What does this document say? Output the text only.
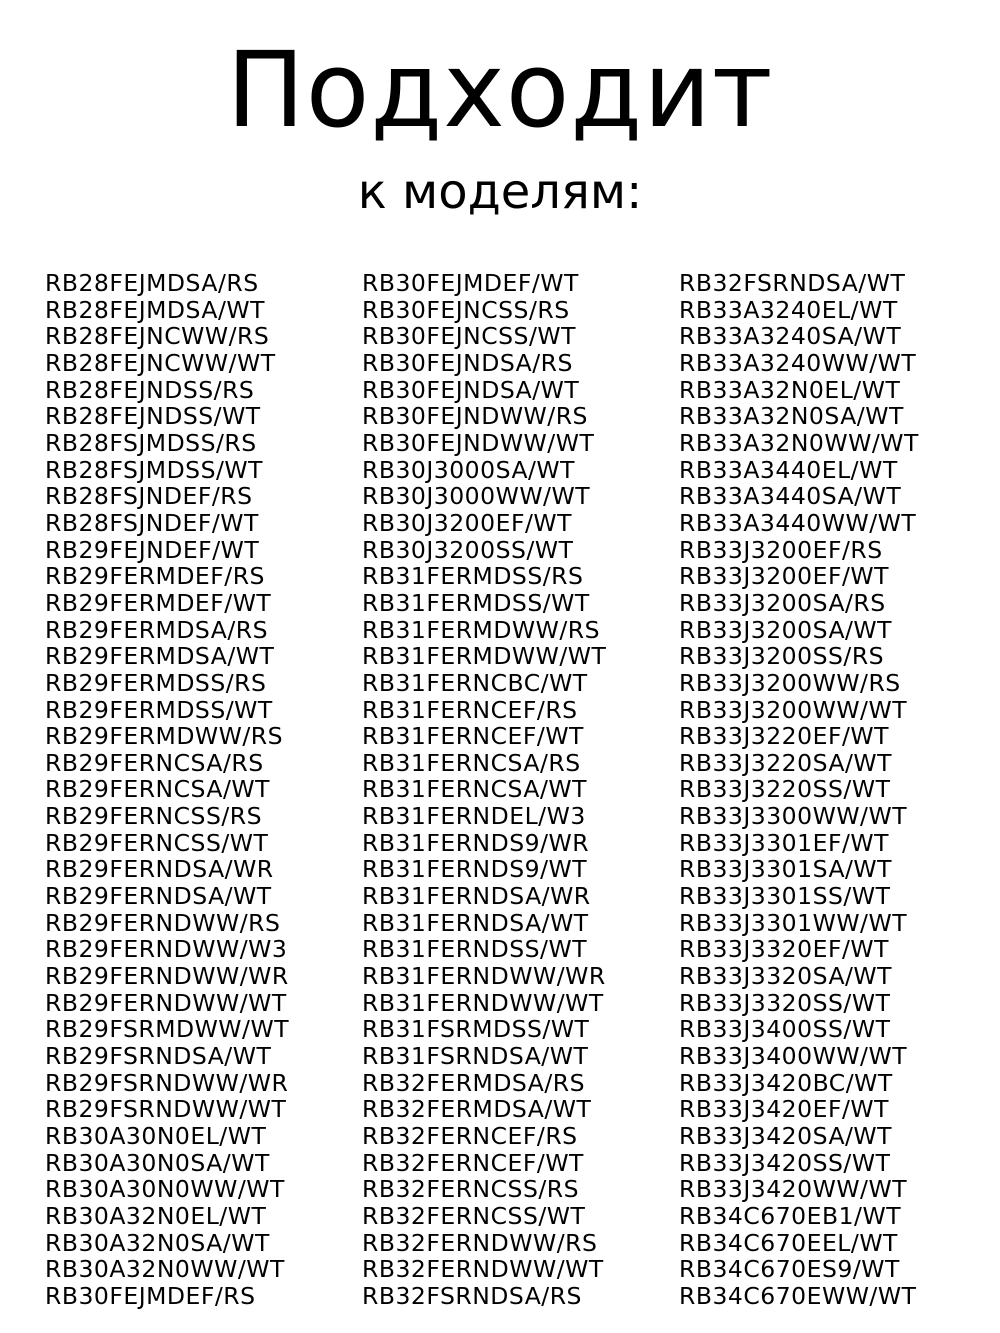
Подходит
к моделям:
RB28FEJMDSA/RS
RB28FEJMDSA/WT
RB28FEJNCWW/RS
RB28FEJNCWW/WT
RB28FEJNDSS/RS
RB28FEJNDSS/WT
RB28FSJMDSS/RS
RB28FSJMDSS/WT
RB28FSJNDEF/RS
RB28FSJNDEF/WT
RB29FEJNDEF/WT
RB29FERMDEF/RS
RB29FERMDEF/WT
RB29FERMDSA/RS
RB29FERMDSA/WT
RB29FERMDSS/RS
RB29FERMDSS/WT
RB29FERMDWW/RS
RB29FERNCSA/RS
RB29FERNCSA/WT
RB29FERNCSS/RS
RB29FERNCSS/WT
RB29FERNDSA/WR
RB29FERNDSA/WT
RB29FERNDWW/RS
RB29FERNDWW/W3
RB29FERNDWW/WR
RB29FERNDWW/WT
RB29FSRMDWW/WT
RB29FSRNDSA/WT
RB29FSRNDWW/WR
RB29FSRNDWW/WT
RB30A30N0EL/WT
RB30A30N0SA/WT
RB30A30N0WW/WT
RB30A32N0EL/WT
RB30A32N0SA/WT
RB30A32N0WW/WT
RB30FEJMDEF/RS
RB30FEJMDEF/WT
RB30FEJNCSS/RS
RB30FEJNCSS/WT
RB30FEJNDSA/RS
RB30FEJNDSA/WT
RB30FEJNDWW/RS
RB30FEJNDWW/WT
RB30J3000SA/WT
RB30J3000WW/WT
RB30J3200EF/WT
RB30J3200SS/WT
RB31FERMDSS/RS
RB31FERMDSS/WT
RB31FERMDWW/RS
RB31FERMDWW/WT
RB31FERNCBC/WT
RB31FERNCEF/RS
RB31FERNCEF/WT
RB31FERNCSA/RS
RB31FERNCSA/WT
RB31FERNDEL/W3
RB31FERNDS9/WR
RB31FERNDS9/WT
RB31FERNDSA/WR
RB31FERNDSA/WT
RB31FERNDSS/WT
RB31FERNDWW/WR
RB31FERNDWW/WT
RB31FSRMDSS/WT
RB31FSRNDSA/WT
RB32FERMDSA/RS
RB32FERMDSA/WT
RB32FERNCEF/RS
RB32FERNCEF/WT
RB32FERNCSS/RS
RB32FERNCSS/WT
RB32FERNDWW/RS
RB32FERNDWW/WT
RB32FSRNDSA/RS
RB32FSRNDSA/WT
RB33A3240EL/WT
RB33A3240SA/WT
RB33A3240WW/WT
RB33A32N0EL/WT
RB33A32N0SA/WT
RB33A32N0WW/WT
RB33A3440EL/WT
RB33A3440SA/WT
RB33A3440WW/WT
RB33J3200EF/RS
RB33J3200EF/WT
RB33J3200SA/RS
RB33J3200SA/WT
RB33J3200SS/RS
RB33J3200WW/RS
RB33J3200WW/WT
RB33J3220EF/WT
RB33J3220SA/WT
RB33J3220SS/WT
RB33J3300WW/WT
RB33J3301EF/WT
RB33J3301SA/WT
RB33J3301SS/WT
RB33J3301WW/WT
RB33J3320EF/WT
RB33J3320SA/WT
RB33J3320SS/WT
RB33J3400SS/WT
RB33J3400WW/WT
RB33J3420BC/WT
RB33J3420EF/WT
RB33J3420SA/WT
RB33J3420SS/WT
RB33J3420WW/WT
RB34C670EB1/WT
RB34C670EEL/WT
RB34C670ES9/WT
RB34C670EWW/WT
